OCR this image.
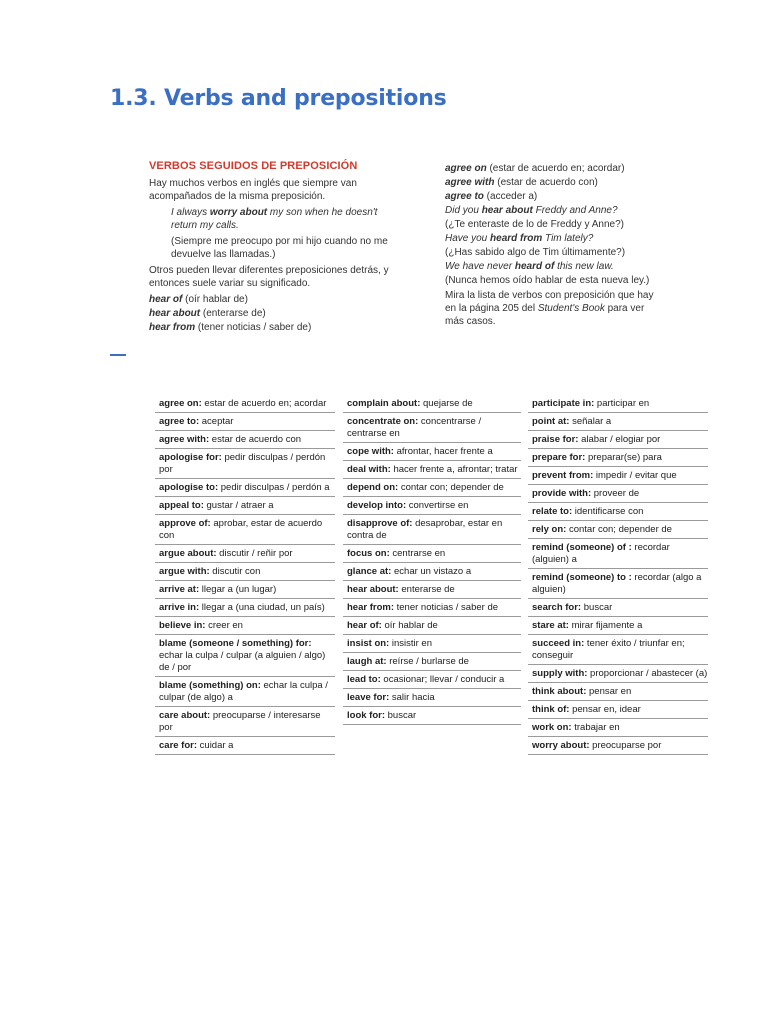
1.3. Verbs and prepositions
VERBOS SEGUIDOS DE PREPOSICIÓN

Hay muchos verbos en inglés que siempre van acompañados de la misma preposición.

I always worry about my son when he doesn't return my calls.

(Siempre me preocupo por mi hijo cuando no me devuelve las llamadas.)

Otros pueden llevar diferentes preposiciones detrás, y entonces suele variar su significado.

hear of (oír hablar de)
hear about (enterarse de)
hear from (tener noticias / saber de)
agree on (estar de acuerdo en; acordar)
agree with (estar de acuerdo con)
agree to (acceder a)
Did you hear about Freddy and Anne?
(¿Te enteraste de lo de Freddy y Anne?)
Have you heard from Tim lately?
(¿Has sabido algo de Tim últimamente?)
We have never heard of this new law.
(Nunca hemos oído hablar de esta nueva ley.)
Mira la lista de verbos con preposición que hay en la página 205 del Student's Book para ver más casos.
agree on: estar de acuerdo en; acordar
agree to: aceptar
agree with: estar de acuerdo con
apologise for: pedir disculpas / perdón por
apologise to: pedir disculpas / perdón a
appeal to: gustar / atraer a
approve of: aprobar, estar de acuerdo con
argue about: discutir / reñir por
argue with: discutir con
arrive at: llegar a (un lugar)
arrive in: llegar a (una ciudad, un país)
believe in: creer en
blame (someone / something) for: echar la culpa / culpar (a alguien / algo) de / por
blame (something) on: echar la culpa / culpar (de algo) a
care about: preocuparse / interesarse por
care for: cuidar a
complain about: quejarse de
concentrate on: concentrarse / centrarse en
cope with: afrontar, hacer frente a
deal with: hacer frente a, afrontar; tratar
depend on: contar con; depender de
develop into: convertirse en
disapprove of: desaprobar, estar en contra de
focus on: centrarse en
glance at: echar un vistazo a
hear about: enterarse de
hear from: tener noticias / saber de
hear of: oír hablar de
insist on: insistir en
laugh at: reírse / burlarse de
lead to: ocasionar; llevar / conducir a
leave for: salir hacia
look for: buscar
participate in: participar en
point at: señalar a
praise for: alabar / elogiar por
prepare for: preparar(se) para
prevent from: impedir / evitar que
provide with: proveer de
relate to: identificarse con
rely on: contar con; depender de
remind (someone) of : recordar (alguien) a
remind (someone) to : recordar (algo a alguien)
search for: buscar
stare at: mirar fijamente a
succeed in: tener éxito / triunfar en; conseguir
supply with: proporcionar / abastecer (a)
think about: pensar en
think of: pensar en, idear
work on: trabajar en
worry about: preocuparse por
